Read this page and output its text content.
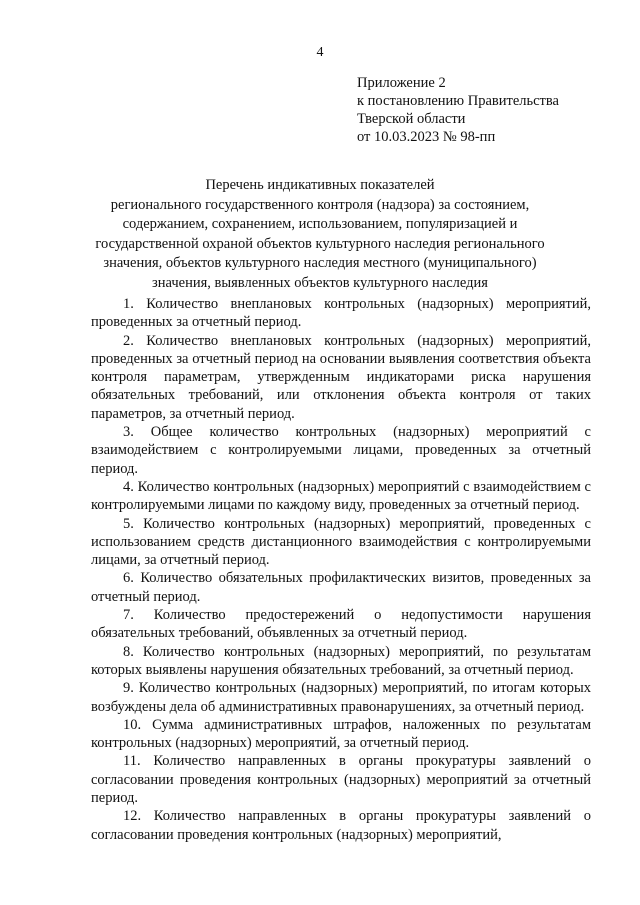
4
Приложение 2
к постановлению Правительства
Тверской области
от 10.03.2023 № 98-пп
Перечень индикативных показателей
регионального государственного контроля (надзора) за состоянием,
содержанием, сохранением, использованием, популяризацией и
государственной охраной объектов культурного наследия регионального
значения, объектов культурного наследия местного (муниципального)
значения, выявленных объектов культурного наследия

1. Количество внеплановых контрольных (надзорных) мероприятий, проведенных за отчетный период.

2. Количество внеплановых контрольных (надзорных) мероприятий, проведенных за отчетный период на основании выявления соответствия объекта контроля параметрам, утвержденным индикаторами риска нарушения обязательных требований, или отклонения объекта контроля от таких параметров, за отчетный период.

3. Общее количество контрольных (надзорных) мероприятий с взаимодействием с контролируемыми лицами, проведенных за отчетный период.

4. Количество контрольных (надзорных) мероприятий с взаимодействием с контролируемыми лицами по каждому виду, проведенных за отчетный период.

5. Количество контрольных (надзорных) мероприятий, проведенных с использованием средств дистанционного взаимодействия с контролируемыми лицами, за отчетный период.

6. Количество обязательных профилактических визитов, проведенных за отчетный период.

7. Количество предостережений о недопустимости нарушения обязательных требований, объявленных за отчетный период.

8. Количество контрольных (надзорных) мероприятий, по результатам которых выявлены нарушения обязательных требований, за отчетный период.

9. Количество контрольных (надзорных) мероприятий, по итогам которых возбуждены дела об административных правонарушениях, за отчетный период.

10. Сумма административных штрафов, наложенных по результатам контрольных (надзорных) мероприятий, за отчетный период.

11. Количество направленных в органы прокуратуры заявлений о согласовании проведения контрольных (надзорных) мероприятий за отчетный период.

12. Количество направленных в органы прокуратуры заявлений о согласовании проведения контрольных (надзорных) мероприятий,
